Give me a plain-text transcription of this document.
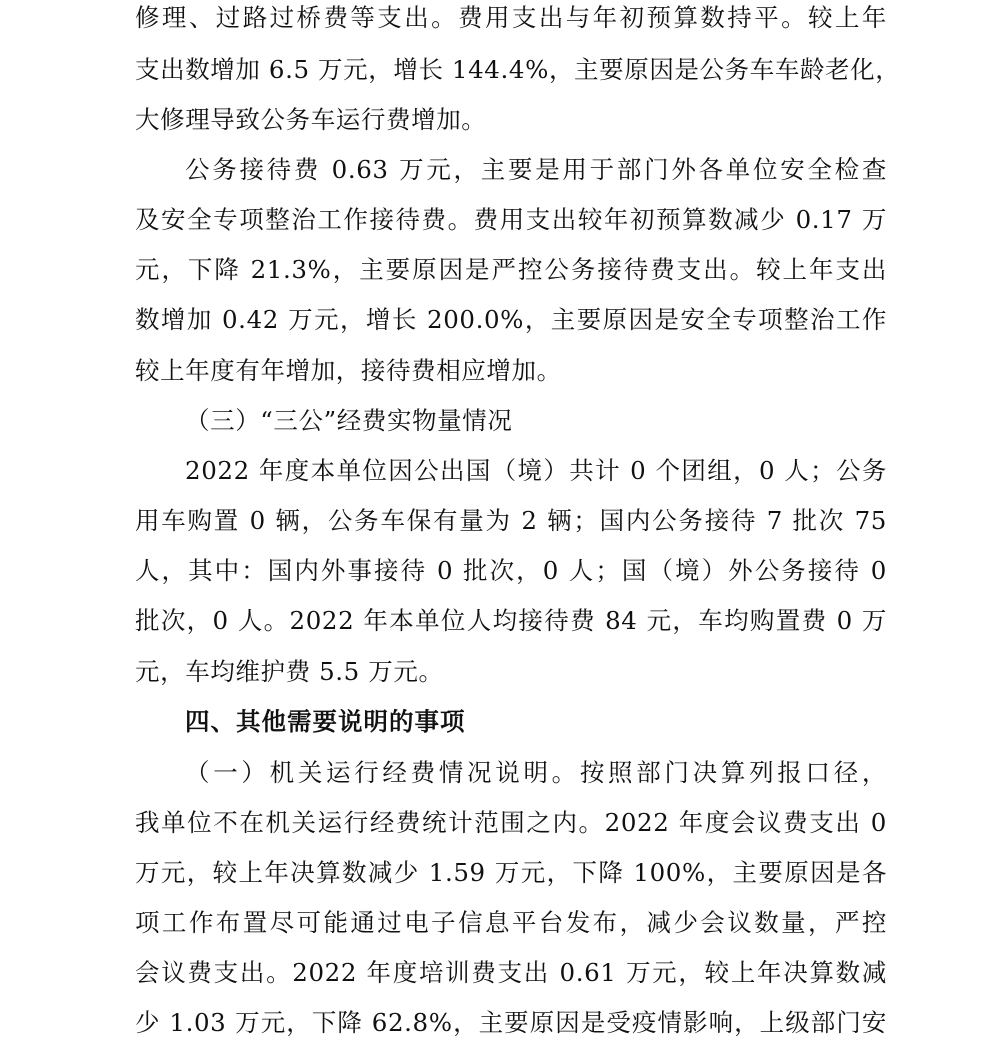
修理、过路过桥费等支出。费用支出与年初预算数持平。较上年
支出数增加 6.5 万元，增长 144.4%，主要原因是公务车车龄老化，
大修理导致公务车运行费增加。
公务接待费 0.63 万元，主要是用于部门外各单位安全检查
及安全专项整治工作接待费。费用支出较年初预算数减少 0.17 万
元，下降 21.3%，主要原因是严控公务接待费支出。较上年支出
数增加 0.42 万元，增长 200.0%，主要原因是安全专项整治工作
较上年度有年增加，接待费相应增加。
（三）“三公”经费实物量情况
2022 年度本单位因公出国（境）共计 0 个团组，0 人；公务
用车购置 0 辆，公务车保有量为 2 辆；国内公务接待 7 批次 75
人，其中：国内外事接待 0 批次，0 人；国（境）外公务接待 0
批次，0 人。2022 年本单位人均接待费 84 元，车均购置费 0 万
元，车均维护费 5.5 万元。
四、其他需要说明的事项
（一）机关运行经费情况说明。按照部门决算列报口径，
我单位不在机关运行经费统计范围之内。2022 年度会议费支出 0
万元，较上年决算数减少 1.59 万元，下降 100%，主要原因是各
项工作布置尽可能通过电子信息平台发布，减少会议数量，严控
会议费支出。2022 年度培训费支出 0.61 万元，较上年决算数减
少 1.03 万元，下降 62.8%，主要原因是受疫情影响，上级部门安
